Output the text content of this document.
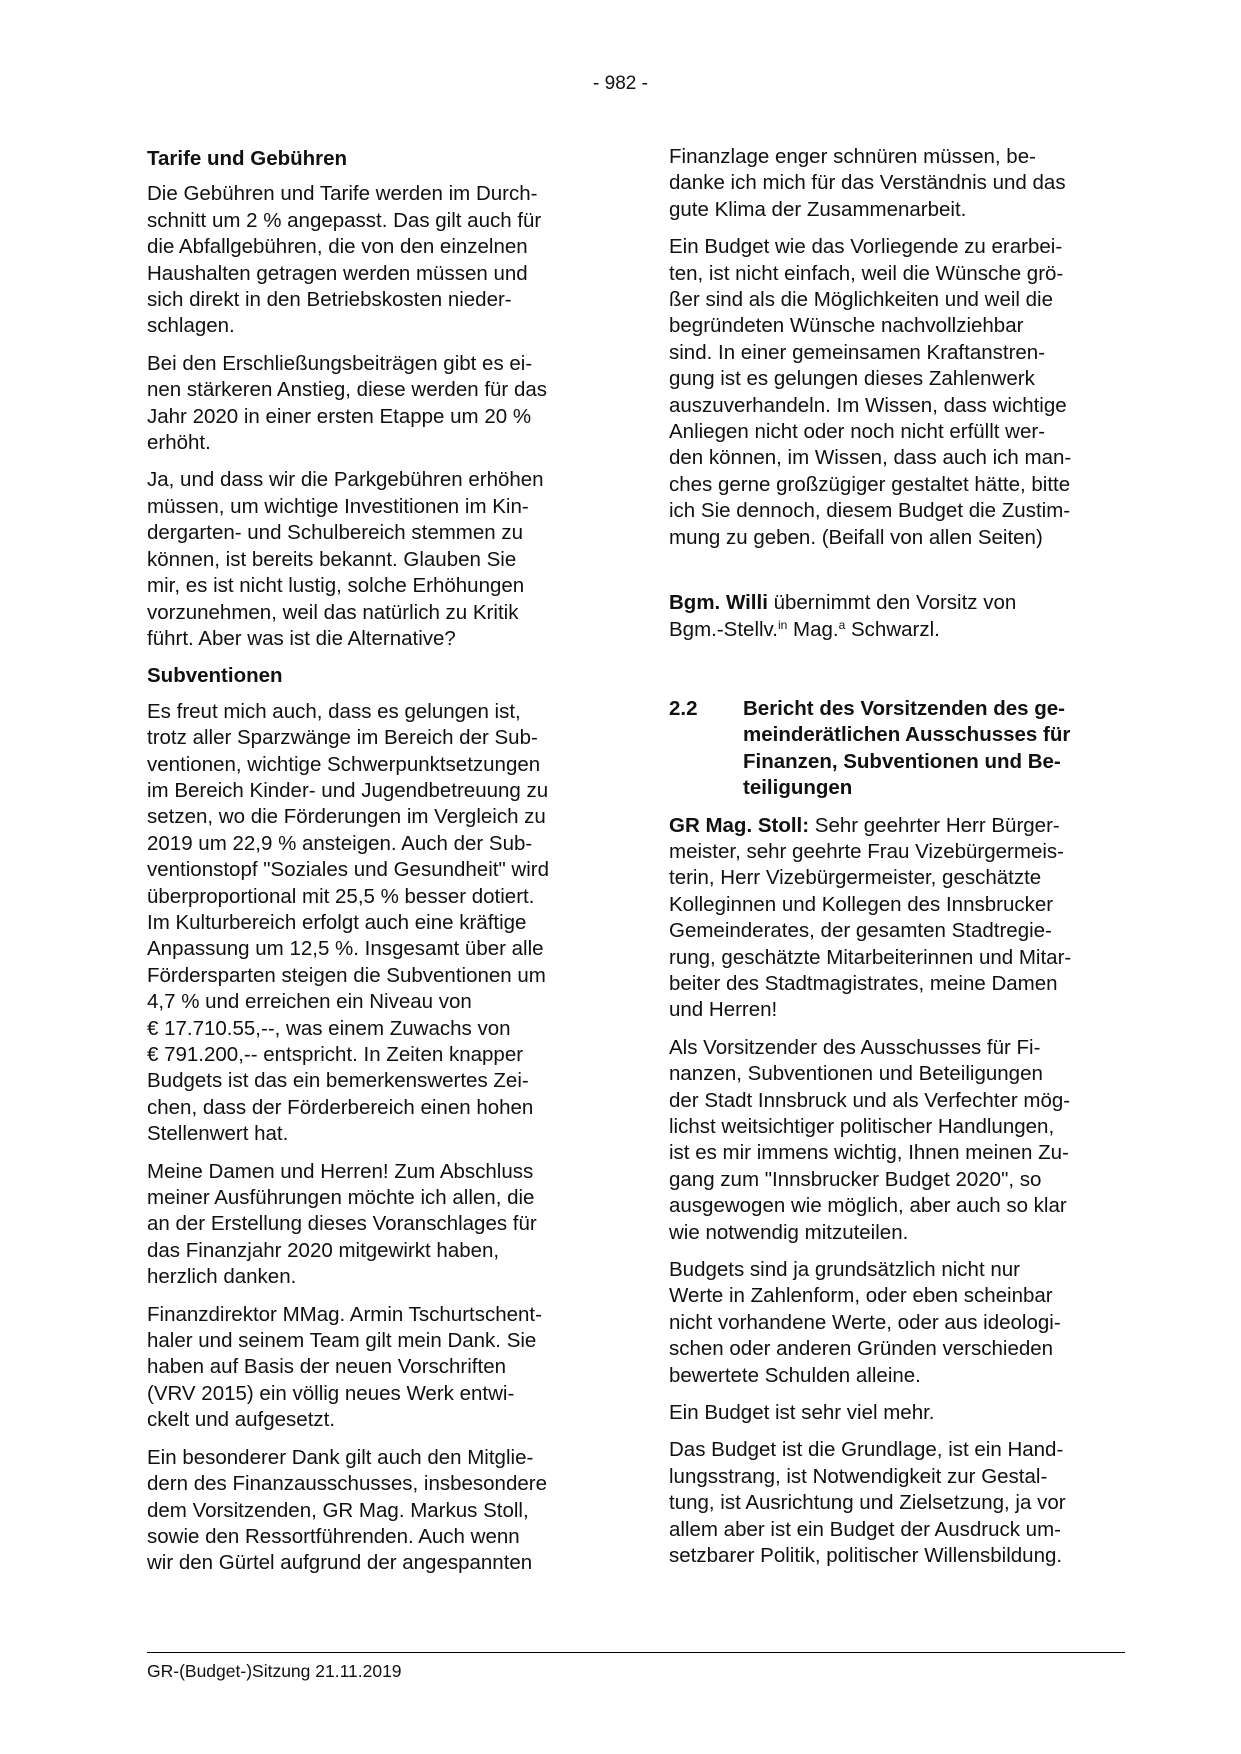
- 982 -
Tarife und Gebühren

Die Gebühren und Tarife werden im Durch-
schnitt um 2 % angepasst. Das gilt auch für
die Abfallgebühren, die von den einzelnen
Haushalten getragen werden müssen und
sich direkt in den Betriebskosten nieder-
schlagen.

Bei den Erschließungsbeiträgen gibt es ei-
nen stärkeren Anstieg, diese werden für das
Jahr 2020 in einer ersten Etappe um 20 %
erhöht.

Ja, und dass wir die Parkgebühren erhöhen
müssen, um wichtige Investitionen im Kin-
dergarten- und Schulbereich stemmen zu
können, ist bereits bekannt. Glauben Sie
mir, es ist nicht lustig, solche Erhöhungen
vorzunehmen, weil das natürlich zu Kritik
führt. Aber was ist die Alternative?

Subventionen

Es freut mich auch, dass es gelungen ist,
trotz aller Sparzwänge im Bereich der Sub-
ventionen, wichtige Schwerpunktsetzungen
im Bereich Kinder- und Jugendbetreuung zu
setzen, wo die Förderungen im Vergleich zu
2019 um 22,9 % ansteigen. Auch der Sub-
ventionstopf "Soziales und Gesundheit" wird
überproportional mit 25,5 % besser dotiert.
Im Kulturbereich erfolgt auch eine kräftige
Anpassung um 12,5 %. Insgesamt über alle
Fördersparten steigen die Subventionen um
4,7 % und erreichen ein Niveau von
€ 17.710.55,--, was einem Zuwachs von
€ 791.200,-- entspricht. In Zeiten knapper
Budgets ist das ein bemerkenswertes Zei-
chen, dass der Förderbereich einen hohen
Stellenwert hat.

Meine Damen und Herren! Zum Abschluss
meiner Ausführungen möchte ich allen, die
an der Erstellung dieses Voranschlages für
das Finanzjahr 2020 mitgewirkt haben,
herzlich danken.

Finanzdirektor MMag. Armin Tschurtschent-
haler und seinem Team gilt mein Dank. Sie
haben auf Basis der neuen Vorschriften
(VRV 2015) ein völlig neues Werk entwi-
ckelt und aufgesetzt.

Ein besonderer Dank gilt auch den Mitglie-
dern des Finanzausschusses, insbesondere
dem Vorsitzenden, GR Mag. Markus Stoll,
sowie den Ressortführenden. Auch wenn
wir den Gürtel aufgrund der angespannten

Finanzlage enger schnüren müssen, be-
danke ich mich für das Verständnis und das
gute Klima der Zusammenarbeit.

Ein Budget wie das Vorliegende zu erarbei-
ten, ist nicht einfach, weil die Wünsche grö-
ßer sind als die Möglichkeiten und weil die
begründeten Wünsche nachvollziehbar
sind. In einer gemeinsamen Kraftanstren-
gung ist es gelungen dieses Zahlenwerk
auszuverhandeln. Im Wissen, dass wichtige
Anliegen nicht oder noch nicht erfüllt wer-
den können, im Wissen, dass auch ich man-
ches gerne großzügiger gestaltet hätte, bitte
ich Sie dennoch, diesem Budget die Zustim-
mung zu geben. (Beifall von allen Seiten)

Bgm. Willi übernimmt den Vorsitz von
Bgm.-Stellv.$^{in}$ Mag.$^a$ Schwarzl.

2.2	Bericht des Vorsitzenden des ge-
meinderätlichen Ausschusses für
Finanzen, Subventionen und Be-
teiligungen

GR Mag. Stoll: Sehr geehrter Herr Bürger-
meister, sehr geehrte Frau Vizebürgermeis-
terin, Herr Vizebürgermeister, geschätzte
Kolleginnen und Kollegen des Innsbrucker
Gemeinderates, der gesamten Stadtregie-
rung, geschätzte Mitarbeiterinnen und Mitar-
beiter des Stadtmagistrates, meine Damen
und Herren!

Als Vorsitzender des Ausschusses für Fi-
nanzen, Subventionen und Beteiligungen
der Stadt Innsbruck und als Verfechter mög-
lichst weitsichtiger politischer Handlungen,
ist es mir immens wichtig, Ihnen meinen Zu-
gang zum "Innsbrucker Budget 2020", so
ausgewogen wie möglich, aber auch so klar
wie notwendig mitzuteilen.

Budgets sind ja grundsätzlich nicht nur
Werte in Zahlenform, oder eben scheinbar
nicht vorhandene Werte, oder aus ideologi-
schen oder anderen Gründen verschieden
bewertete Schulden alleine.

Ein Budget ist sehr viel mehr.

Das Budget ist die Grundlage, ist ein Hand-
lungsstrang, ist Notwendigkeit zur Gestal-
tung, ist Ausrichtung und Zielsetzung, ja vor
allem aber ist ein Budget der Ausdruck um-
setzbarer Politik, politischer Willensbildung.

GR-(Budget-)Sitzung 21.11.2019
